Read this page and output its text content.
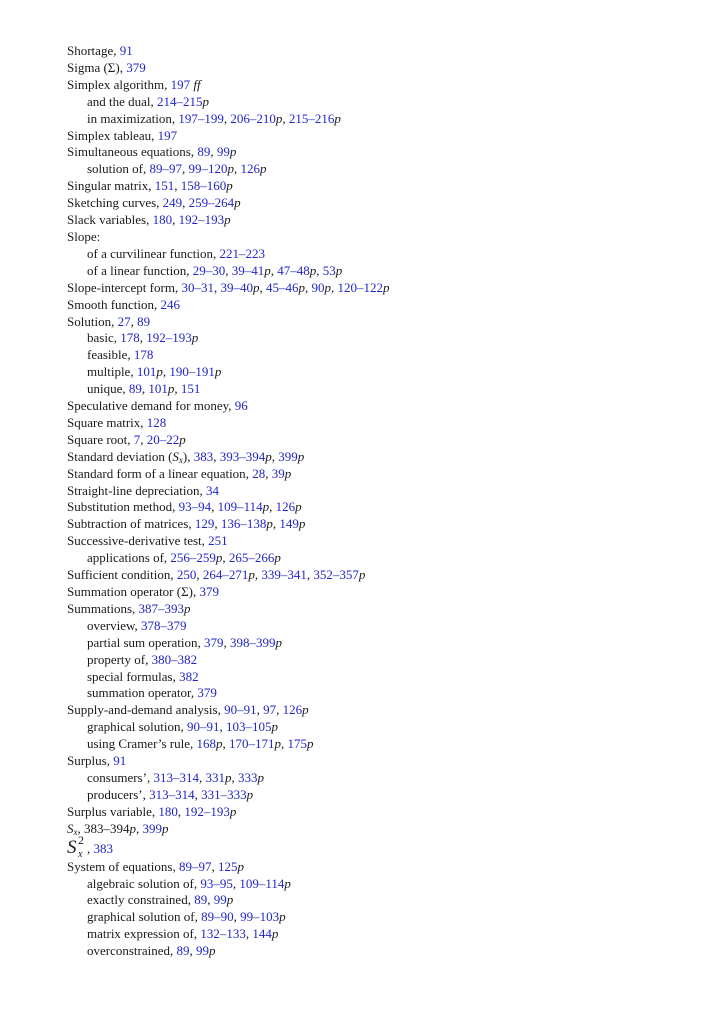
Shortage, 91
Sigma (Σ), 379
Simplex algorithm, 197 ff
and the dual, 214–215p
in maximization, 197–199, 206–210p, 215–216p
Simplex tableau, 197
Simultaneous equations, 89, 99p
solution of, 89–97, 99–120p, 126p
Singular matrix, 151, 158–160p
Sketching curves, 249, 259–264p
Slack variables, 180, 192–193p
Slope:
of a curvilinear function, 221–223
of a linear function, 29–30, 39–41p, 47–48p, 53p
Slope-intercept form, 30–31, 39–40p, 45–46p, 90p, 120–122p
Smooth function, 246
Solution, 27, 89
basic, 178, 192–193p
feasible, 178
multiple, 101p, 190–191p
unique, 89, 101p, 151
Speculative demand for money, 96
Square matrix, 128
Square root, 7, 20–22p
Standard deviation $(S_x)$, 383, 393–394p, 399p
Standard form of a linear equation, 28, 39p
Straight-line depreciation, 34
Substitution method, 93–94, 109–114p, 126p
Subtraction of matrices, 129, 136–138p, 149p
Successive-derivative test, 251
applications of, 256–259p, 265–266p
Sufficient condition, 250, 264–271p, 339–341, 352–357p
Summation operator (Σ), 379
Summations, 387–393p
overview, 378–379
partial sum operation, 379, 398–399p
property of, 380–382
special formulas, 382
summation operator, 379
Supply-and-demand analysis, 90–91, 97, 126p
graphical solution, 90–91, 103–105p
using Cramer’s rule, 168p, 170–171p, 175p
Surplus, 91
consumers’, 313–314, 331p, 333p
producers’, 313–314, 331–333p
Surplus variable, 180, 192–193p
$S_x$, 383–394p, 399p
S 2
x , 383
System of equations, 89–97, 125p
algebraic solution of, 93–95, 109–114p
exactly constrained, 89, 99p
graphical solution of, 89–90, 99–103p
matrix expression of, 132–133, 144p
overconstrained, 89, 99p
